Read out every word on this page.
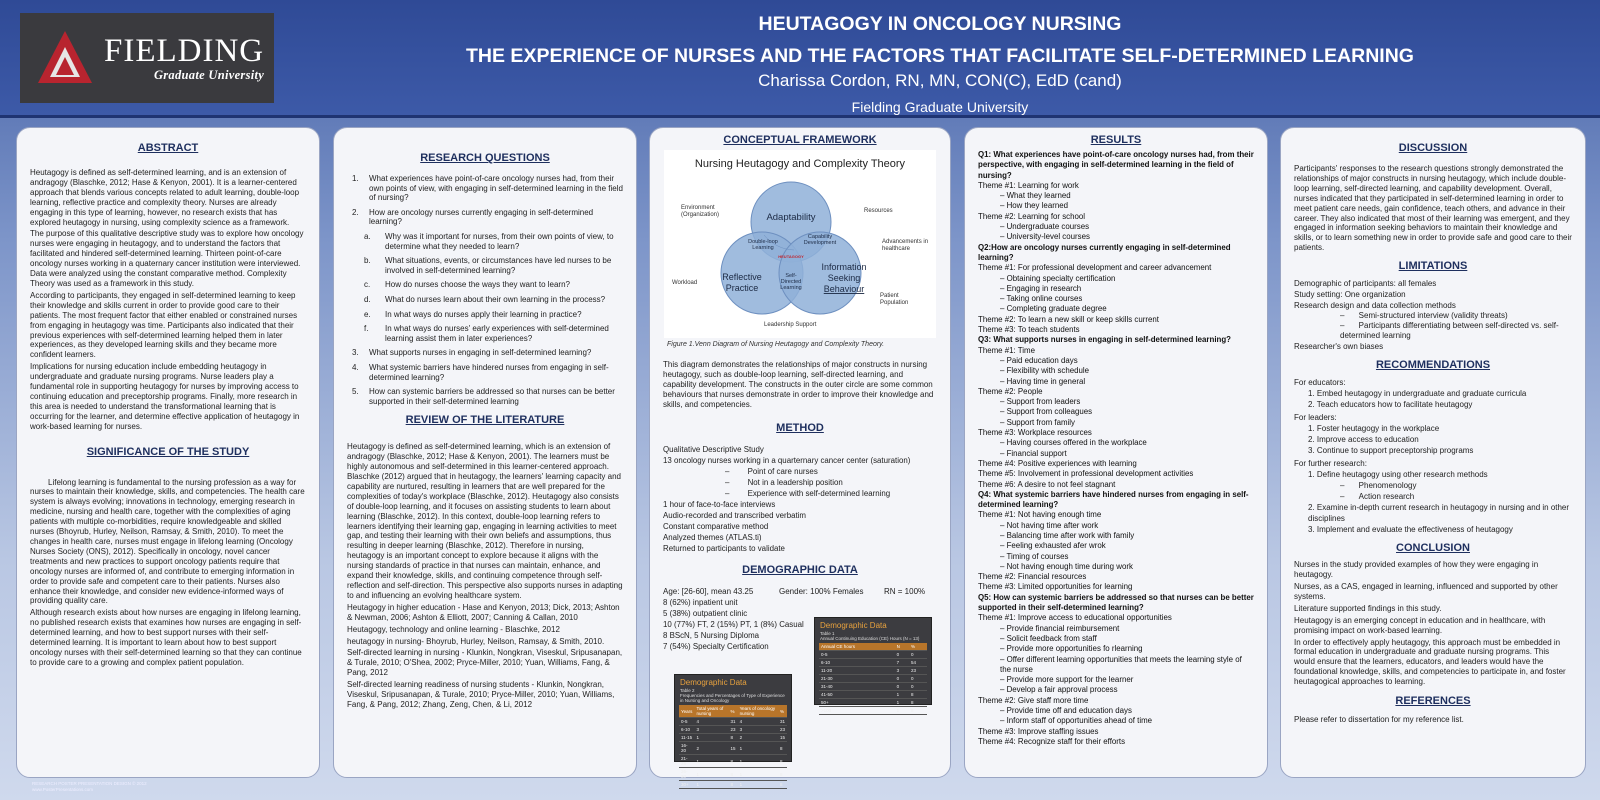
FIELDING
Graduate University
HEUTAGOGY IN ONCOLOGY NURSING
THE EXPERIENCE OF NURSES AND THE FACTORS THAT FACILITATE SELF-DETERMINED LEARNING
Charissa Cordon, RN, MN, CON(C), EdD (cand)
Fielding Graduate University
ABSTRACT

Heutagogy is defined as self-determined learning, and is an extension of andragogy (Blaschke, 2012; Hase & Kenyon, 2001). It is a learner-centered approach that blends various concepts related to adult learning, double-loop learning, reflective practice and complexity theory. Nurses are already engaging in this type of learning, however, no research exists that has explored heutagogy in nursing, using complexity science as a framework.

The purpose of this qualitative descriptive study was to explore how oncology nurses were engaging in heutagogy, and to understand the factors that facilitated and hindered self-determined learning. Thirteen point-of-care oncology nurses working in a quaternary cancer institution were interviewed. Data were analyzed using the constant comparative method. Complexity Theory was used as a framework in this study.

According to participants, they engaged in self-determined learning to keep their knowledge and skills current in order to provide good care to their patients. The most frequent factor that either enabled or constrained nurses from engaging in heutagogy was time. Participants also indicated that their previous experiences with self-determined learning helped them in later experiences, as they developed learning skills and they became more confident learners.

Implications for nursing education include embedding heutagogy in undergraduate and graduate nursing programs. Nurse leaders play a fundamental role in supporting heutagogy for nurses by improving access to continuing education and preceptorship programs. Finally, more research in this area is needed to understand the transformational learning that is occurring for the learner, and determine effective application of heutagogy in work-based learning for nurses.

SIGNIFICANCE OF THE STUDY

Lifelong learning is fundamental to the nursing profession as a way for nurses to maintain their knowledge, skills, and competencies. The health care system is always evolving; innovations in technology, emerging research in medicine, nursing and health care, together with the complexities of aging patients with multiple co-morbidities, require knowledgeable and skilled nurses (Bhoyrub, Hurley, Neilson, Ramsay, & Smith, 2010). To meet the changes in health care, nurses must engage in lifelong learning (Oncology Nurses Society (ONS), 2012). Specifically in oncology, novel cancer treatments and new practices to support oncology patients require that oncology nurses are informed of, and contribute to emerging information in order to provide safe and competent care to their patients. Nurses also enhance their knowledge, and consider new evidence-informed ways of providing quality care.

Although research exists about how nurses are engaging in lifelong learning, no published research exists that examines how nurses are engaging in self-determined learning, and how to best support nurses with their self-determined learning. It is important to learn about how to best support oncology nurses with their self-determined learning so that they can continue to provide care to a growing and complex patient population.

RESEARCH QUESTIONS
1.	What experiences have point-of-care oncology nurses had, from their own points of view, with engaging in self-determined learning in the field of nursing?
2.	How are oncology nurses currently engaging in self-determined learning?
a.	Why was it important for nurses, from their own points of view, to determine what they needed to learn?
b.	What situations, events, or circumstances have led nurses to be involved in self-determined learning?
c.	How do nurses choose the ways they want to learn?
d.	What do nurses learn about their own learning in the process?
e.	In what ways do nurses apply their learning in practice?
f.	In what ways do nurses' early experiences with self-determined learning assist them in later experiences?
3.	What supports nurses in engaging in self-determined learning?
4.	What systemic barriers have hindered nurses from engaging in self-determined learning?
5.	How can systemic barriers be addressed so that nurses can be better supported in their self-determined learning
REVIEW OF THE LITERATURE

Heutagogy is defined as self-determined learning, which is an extension of andragogy (Blaschke, 2012; Hase & Kenyon, 2001). The learners must be highly autonomous and self-determined in this learner-centered approach. Blaschke (2012) argued that in heutagogy, the learners' learning capacity and capability are nurtured, resulting in learners that are well prepared for the complexities of today's workplace (Blaschke, 2012). Heutagogy also consists of double-loop learning, and it focuses on assisting students to learn about learning (Blaschke, 2012). In this context, double-loop learning refers to learners identifying their learning gap, engaging in learning activities to meet gap, and testing their learning with their own beliefs and assumptions, thus resulting in deeper learning (Blaschke, 2012). Therefore in nursing, heutagogy is an important concept to explore because it aligns with the nursing standards of practice in that nurses can maintain, enhance, and expand their knowledge, skills, and continuing competence through self-reflection and self-direction. This perspective also supports nurses in adapting to and influencing an evolving healthcare system.

Heutagogy in higher education - Hase and Kenyon, 2013; Dick, 2013; Ashton & Newman, 2006; Ashton & Elliott, 2007; Canning & Callan, 2010

Heutagogy, technology and online learning - Blaschke, 2012

heutagogy in nursing- Bhoyrub, Hurley, Neilson, Ramsay, & Smith, 2010.

Self-directed learning in nursing - Klunkin, Nongkran, Viseskul, Sripusanapan, & Turale, 2010; O'Shea, 2002; Pryce-Miller, 2010; Yuan, Williams, Fang, & Pang, 2012

Self-directed learning readiness of nursing students - Klunkin, Nongkran, Viseskul, Sripusanapan, & Turale, 2010; Pryce-Miller, 2010; Yuan, Williams, Fang, & Pang, 2012; Zhang, Zeng, Chen, & Li, 2012

CONCEPTUAL FRAMEWORK
Nursing Heutagogy and Complexity Theory
Adaptability
Reflective
Practice
Information
Seeking
Behaviour
Double-loop
Learning
Capability
Development
Self-
Directed
Learning
HEUTAGOGY
Environment
(Organization)
Resources
Advancements in
healthcare
Workload
Patient
Population
Leadership Support
Figure 1.Venn Diagram of Nursing Heutagogy and Complexity Theory.
This diagram demonstrates the relationships of major constructs in nursing heutagogy, such as double-loop learning, self-directed learning, and capability development. The constructs in the outer circle are some common behaviours that nurses demonstrate in order to improve their knowledge and skills, and competencies.
METHOD
Qualitative Descriptive Study
13 oncology nurses working in a quarternary cancer center (saturation)
– Point of care nurses
– Not in a leadership position
– Experience with self-determined learning
1 hour of face-to-face interviews
Audio-recorded and transcribed verbatim
Constant comparative method
Analyzed themes (ATLAS.ti)
Returned to participants to validate
DEMOGRAPHIC DATA
Age: [26-60], mean 43.25	Gender: 100% Females	RN = 100%
8 (62%) inpatient unit
5 (38%) outpatient clinic
10 (77%) FT, 2 (15%) PT, 1 (8%) Casual
8 BScN, 5 Nursing Diploma
7 (54%) Specialty Certification
Demographic Data
Table 1
Annual Continuing Education (CE) Hours (N = 13)
Annual CE hours	N	%
0-5	0	0
6-10	7	54
11-20	3	23
21-30	0	0
31-40	0	0
41-50	1	8
50+	1	8
>100	1	8
Demographic Data
Table 2
Frequencies and Percentages of Type of Experience in Nursing and Oncology
Years	Total years of nursing	%	Years of oncology nursing	%
0-5	4	31	4	31
6-10	3	23	3	23
11-15	1	8	2	15
16-20	2	15	1	8
21-25	1	8	1	8
26-30	1	8	1	8
30+	1	8	1	8
RESULTS
Q1: What experiences have point-of-care oncology nurses had, from their perspective, with engaging in self-determined learning in the field of nursing?
Theme #1: Learning for work
– What they learned
– How they learned
Theme #2: Learning for school
– Undergraduate courses
– University-level courses
Q2:How are oncology nurses currently engaging in self-determined learning?
Theme #1: For professional development and career advancement
– Obtaining specialty certification
– Engaging in research
– Taking online courses
– Completing graduate degree
Theme #2: To learn a new skill or keep skills current
Theme #3: To teach students
Q3: What supports nurses in engaging in self-determined learning?
Theme #1: Time
– Paid education days
– Flexibility with schedule
– Having time in general
Theme #2: People
– Support from leaders
– Support from colleagues
– Support from family
Theme #3: Workplace resources
– Having courses offered in the workplace
– Financial support
Theme #4: Positive experiences with learning
Theme #5: Involvement in professional development activities
Theme #6: A desire to not feel stagnant
Q4: What systemic barriers have hindered nurses from engaging in self-determined learning?
Theme #1: Not having enough time
– Not having time after work
– Balancing time after work with family
– Feeling exhausted afer wrok
– Timing of courses
– Not having enough time during work
Theme #2: Financial resources
Theme #3: Limited opportunities for learning
Q5: How can systemic barriers be addressed so that nurses can be better supported in their self-determined learning?
Theme #1: Improve access to educational opportunities
– Provide financial reimbursement
– Solicit feedback from staff
– Provide more opportunities fo rlearning
– Offer different learning opportunities that meets the learning style of the nurse
– Provide more support for the learner
– Develop a fair approval process
Theme #2: Give staff more time
– Provide time off and education days
– Inform staff of opportunities ahead of time
Theme #3: Improve staffing issues
Theme #4: Recognize staff for their efforts
DISCUSSION
Participants' responses to the research questions strongly demonstrated the relationships of major constructs in nursing heutagogy, which include double-loop learning, self-directed learning, and capability development. Overall, nurses indicated that they participated in self-determined learning in order to meet patient care needs, gain confidence, teach others, and advance in their career. They also indicated that most of their learning was emergent, and they engaged in information seeking behaviors to maintain their knowledge and skills, or to learn something new in order to provide safe and good care to their patients.
LIMITATIONS
Demographic of participants: all females
Study setting: One organization
Research design and data collection methods
– Semi-structured interview (validity threats)
– Participants differentiating between self-directed vs. self-determined learning
Researcher's own biases
RECOMMENDATIONS
For educators:
1. Embed heutagogy in undergraduate and graduate curricula
2. Teach educators how to facilitate heutagogy
For leaders:
1. Foster heutagogy in the workplace
2. Improve access to education
3. Continue to support preceptorship programs
For further research:
1. Define heutagogy using other research methods
– Phenomenology
– Action research
2. Examine in-depth current research in heutagogy in nursing and in other disciplines
3. Implement and evaluate the effectiveness of heutagogy
CONCLUSION

Nurses in the study provided examples of how they were engaging in heutagogy.

Nurses, as a CAS, engaged in learning, influenced and supported by other systems.

Literature supported findings in this study.

Heutagogy is an emerging concept in education and in healthcare, with promising impact on work-based learning.

In order to effectively apply heutagogy, this approach must be embedded in formal education in undergraduate and graduate nursing programs. This would ensure that the learners, educators, and leaders would have the foundational knowledge, skills, and competencies to participate in, and foster heutagogical approaches to learning.

REFERENCES
Please refer to dissertation for my reference list.
RESEARCH POSTER PRESENTATION DESIGN © 2012
www.PosterPresentations.com
